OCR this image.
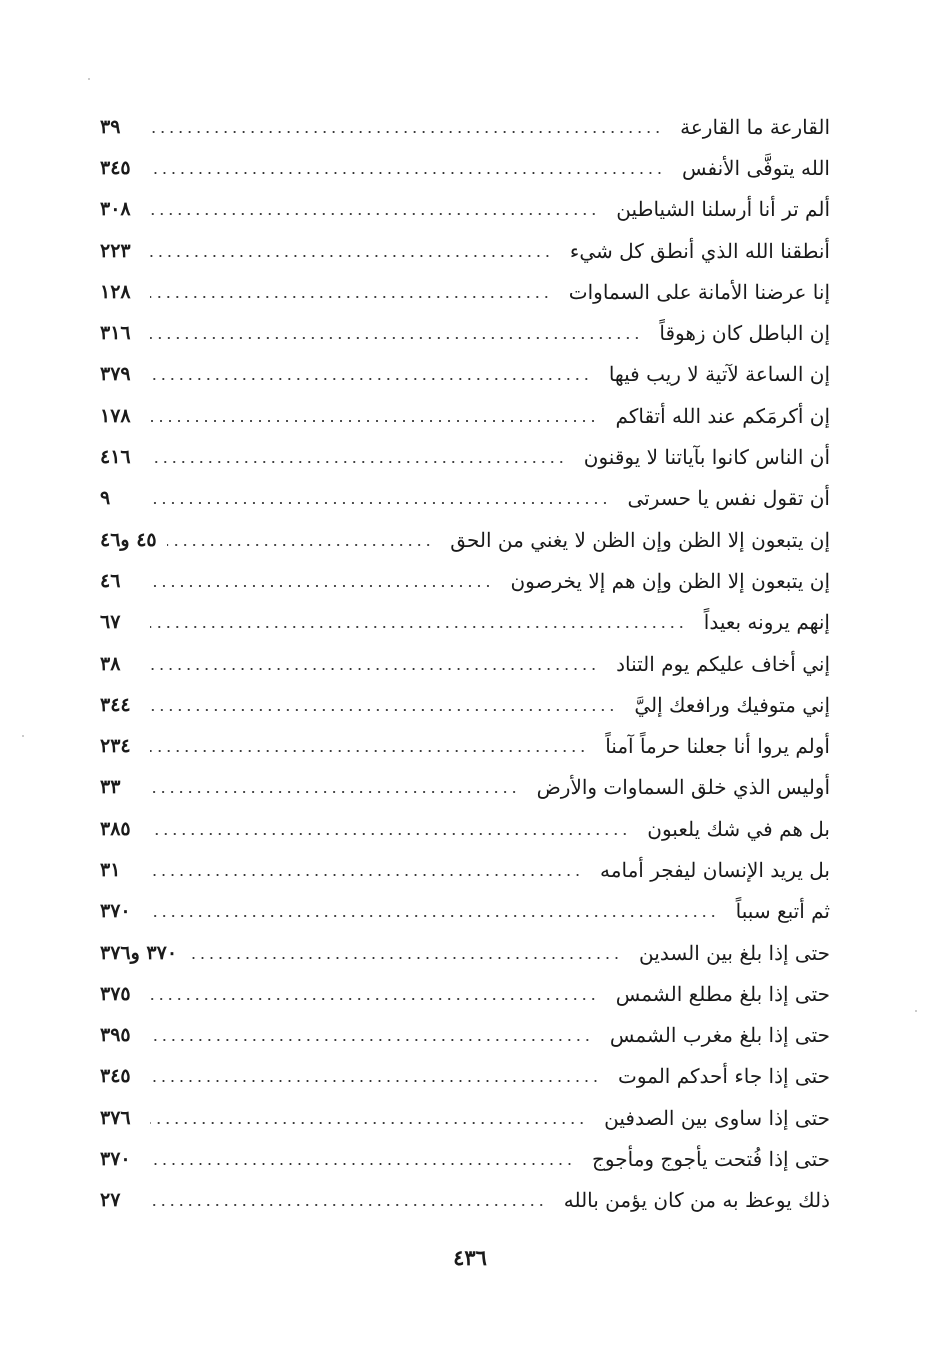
القارعة ما القارعة
٣٩
الله يتوفَّى الأنفس
٣٤٥
ألم تر أنا أرسلنا الشياطين
٣٠٨
أنطقنا الله الذي أنطق كل شيء
٢٢٣
إنا عرضنا الأمانة على السماوات
١٢٨
إن الباطل كان زهوقاً
٣١٦
إن الساعة لآتية لا ريب فيها
٣٧٩
إن أكرمَكم عند الله أتقاكم
١٧٨
أن الناس كانوا بآياتنا لا يوقنون
٤١٦
أن تقول نفس يا حسرتى
٩
إن يتبعون إلا الظن وإن الظن لا يغني من الحق
٤٥ و٤٦
إن يتبعون إلا الظن وإن هم إلا يخرصون
٤٦
إنهم يرونه بعيداً
٦٧
إني أخاف عليكم يوم التناد
٣٨
إني متوفيك ورافعك إليَّ
٣٤٤
أولم يروا أنا جعلنا حرماً آمناً
٢٣٤
أوليس الذي خلق السماوات والأرض
٣٣
بل هم في شك يلعبون
٣٨٥
بل يريد الإنسان ليفجر أمامه
٣١
ثم أتبع سبباً
٣٧٠
حتى إذا بلغ بين السدين
٣٧٠ و٣٧٦
حتى إذا بلغ مطلع الشمس
٣٧٥
حتى إذا بلغ مغرب الشمس
٣٩٥
حتى إذا جاء أحدكم الموت
٣٤٥
حتى إذا ساوى بين الصدفين
٣٧٦
حتى إذا فُتحت يأجوج ومأجوج
٣٧٠
ذلك يوعظ به من كان يؤمن بالله
٢٧
٤٣٦
